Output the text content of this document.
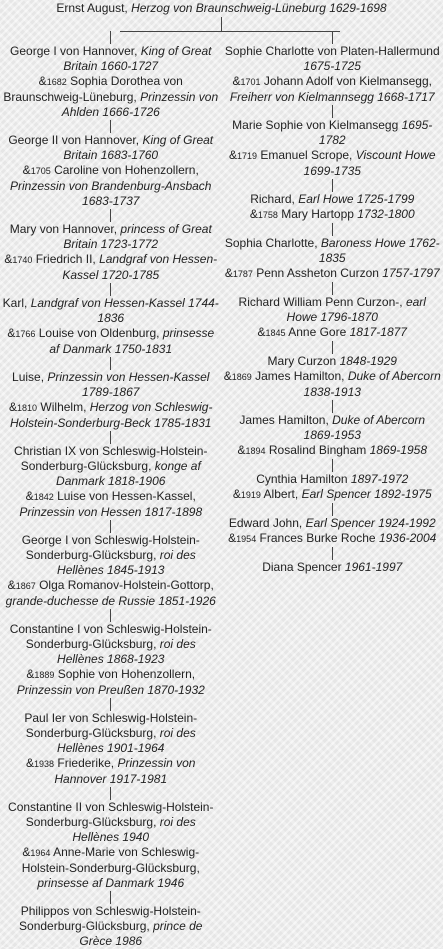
Ernst August, Herzog von Braunschweig-Lüneburg 1629-1698
George I von Hannover, King of Great Britain 1660-1727
&1682 Sophia Dorothea von Braunschweig-Lüneburg, Prinzessin von Ahlden 1666-1726
George II von Hannover, King of Great Britain 1683-1760
&1705 Caroline von Hohenzollern, Prinzessin von Brandenburg-Ansbach 1683-1737
Mary von Hannover, princess of Great Britain 1723-1772
&1740 Friedrich II, Landgraf von Hessen-Kassel 1720-1785
Karl, Landgraf von Hessen-Kassel 1744-1836
&1766 Louise von Oldenburg, prinsesse af Danmark 1750-1831
Luise, Prinzessin von Hessen-Kassel 1789-1867
&1810 Wilhelm, Herzog von Schleswig-Holstein-Sonderburg-Beck 1785-1831
Christian IX von Schleswig-Holstein-Sonderburg-Glücksburg, konge af Danmark 1818-1906
&1842 Luise von Hessen-Kassel, Prinzessin von Hessen 1817-1898
George I von Schleswig-Holstein-Sonderburg-Glücksburg, roi des Hellènes 1845-1913
&1867 Olga Romanov-Holstein-Gottorp, grande-duchesse de Russie 1851-1926
Constantine I von Schleswig-Holstein-Sonderburg-Glücksburg, roi des Hellènes 1868-1923
&1889 Sophie von Hohenzollern, Prinzessin von Preußen 1870-1932
Paul Ier von Schleswig-Holstein-Sonderburg-Glücksburg, roi des Hellènes 1901-1964
&1938 Friederike, Prinzessin von Hannover 1917-1981
Constantine II von Schleswig-Holstein-Sonderburg-Glücksburg, roi des Hellènes 1940
&1964 Anne-Marie von Schleswig-Holstein-Sonderburg-Glücksburg, prinsesse af Danmark 1946
Philippos von Schleswig-Holstein-Sonderburg-Glücksburg, prince de Grèce 1986
Sophie Charlotte von Platen-Hallermund 1675-1725
&1701 Johann Adolf von Kielmansegg, Freiherr von Kielmannsegg 1668-1717
Marie Sophie von Kielmansegg 1695-1782
&1719 Emanuel Scrope, Viscount Howe 1699-1735
Richard, Earl Howe 1725-1799
&1758 Mary Hartopp 1732-1800
Sophia Charlotte, Baroness Howe 1762-1835
&1787 Penn Assheton Curzon 1757-1797
Richard William Penn Curzon-, earl Howe 1796-1870
&1845 Anne Gore 1817-1877
Mary Curzon 1848-1929
&1869 James Hamilton, Duke of Abercorn 1838-1913
James Hamilton, Duke of Abercorn 1869-1953
&1894 Rosalind Bingham 1869-1958
Cynthia Hamilton 1897-1972
&1919 Albert, Earl Spencer 1892-1975
Edward John, Earl Spencer 1924-1992
&1954 Frances Burke Roche 1936-2004
Diana Spencer 1961-1997
